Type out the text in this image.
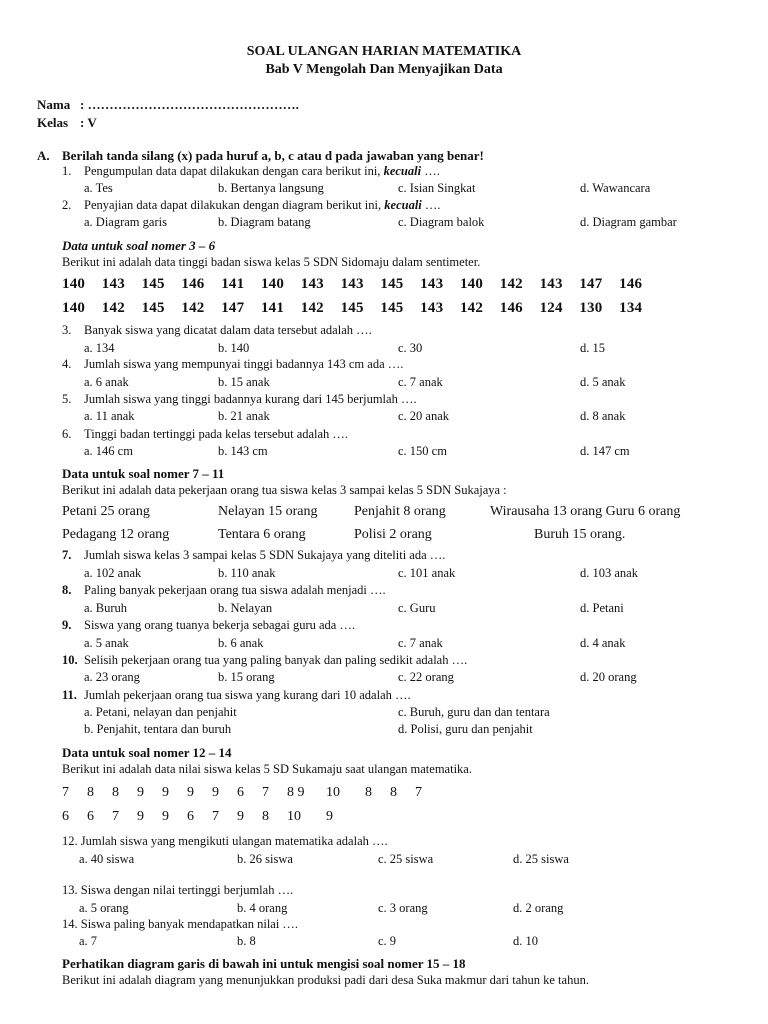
SOAL ULANGAN HARIAN MATEMATIKA
Bab V Mengolah Dan Menyajikan Data
Nama : ………………………………………….
Kelas : V
A. Berilah tanda silang (x) pada huruf a, b, c atau d pada jawaban yang benar!
1. Pengumpulan data dapat dilakukan dengan cara berikut ini, kecuali ….
a. Tes	b. Bertanya langsung	c. Isian Singkat	d. Wawancara
2. Penyajian data dapat dilakukan dengan diagram berikut ini, kecuali ….
a. Diagram garis	b. Diagram batang	c. Diagram balok	d. Diagram gambar
Data untuk soal nomer 3 – 6
Berikut ini adalah data tinggi badan siswa kelas 5 SDN Sidomaju dalam sentimeter.
140 143 145 146 141 140 143 143 145 143 140 142 143 147 146
140 142 145 142 147 141 142 145 145 143 142 146 124 130 134
3. Banyak siswa yang dicatat dalam data tersebut adalah ….
a. 134	b. 140	c. 30	d. 15
4. Jumlah siswa yang mempunyai tinggi badannya 143 cm ada ….
a. 6 anak	b. 15 anak	c. 7 anak	d. 5 anak
5. Jumlah siswa yang tinggi badannya kurang dari 145 berjumlah ….
a. 11 anak	b. 21 anak	c. 20 anak	d. 8 anak
6. Tinggi badan tertinggi pada kelas tersebut adalah ….
a. 146 cm	b. 143 cm	c. 150 cm	d. 147 cm
Data untuk soal nomer 7 – 11
Berikut ini adalah data pekerjaan orang tua siswa kelas 3 sampai kelas 5 SDN Sukajaya :
Petani 25 orang	Nelayan 15 orang	Penjahit 8 orang	Wirausaha 13 orang Guru 6 orang
Pedagang 12 orang	Tentara 6 orang	Polisi 2 orang	Buruh 15 orang.
7. Jumlah siswa kelas 3 sampai kelas 5 SDN Sukajaya yang diteliti ada ….
a. 102 anak	b. 110 anak	c. 101 anak	d. 103 anak
8. Paling banyak pekerjaan orang tua siswa adalah menjadi ….
a. Buruh	b. Nelayan	c. Guru	d. Petani
9. Siswa yang orang tuanya bekerja sebagai guru ada ….
a. 5 anak	b. 6 anak	c. 7 anak	d. 4 anak
10. Selisih pekerjaan orang tua yang paling banyak dan paling sedikit adalah ….
a. 23 orang	b. 15 orang	c. 22 orang	d. 20 orang
11. Jumlah pekerjaan orang tua siswa yang kurang dari 10 adalah ….
a. Petani, nelayan dan penjahit	c. Buruh, guru dan dan tentara
b. Penjahit, tentara dan buruh	d. Polisi, guru dan penjahit
Data untuk soal nomer 12 – 14
Berikut ini adalah data nilai siswa kelas 5 SD Sukamaju saat ulangan matematika.
7 8 8 9 9 9 9 6 7 8 9 10 8 8 7
6 6 7 9 9 6 7 9 8 10 9
12. Jumlah siswa yang mengikuti ulangan matematika adalah ….
a. 40 siswa	b. 26 siswa	c. 25 siswa	d. 25 siswa
13. Siswa dengan nilai tertinggi berjumlah ….
a. 5 orang	b. 4 orang	c. 3 orang	d. 2 orang
14. Siswa paling banyak mendapatkan nilai ….
a. 7	b. 8	c. 9	d. 10
Perhatikan diagram garis di bawah ini untuk mengisi soal nomer 15 – 18
Berikut ini adalah diagram yang menunjukkan produksi padi dari desa Suka makmur dari tahun ke tahun.
